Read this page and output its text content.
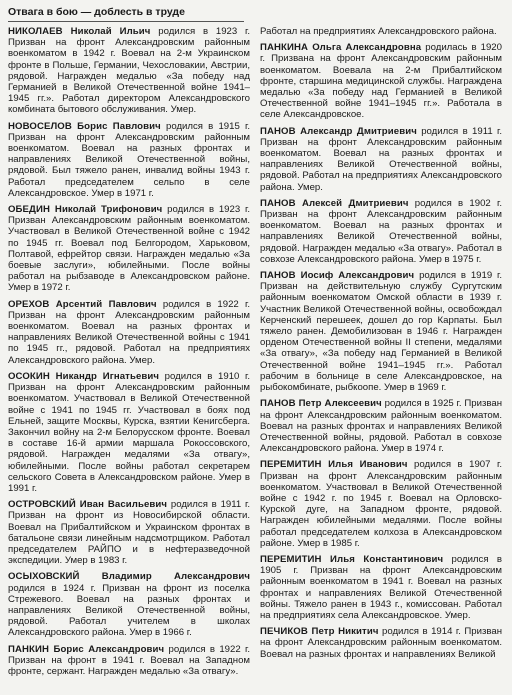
Отвага в бою — доблесть в труде

НИКОЛАЕВ Николай Ильич родился в 1923 г. Призван на фронт Александровским районным военкоматом в 1942 г. Воевал на 2-м Украинском фронте в Польше, Германии, Чехословакии, Австрии, рядовой. Награжден медалью «За победу над Германией в Великой Отечественной войне 1941–1945 гг.». Работал директором Александровского комбината бытового обслуживания. Умер.

НОВОСЕЛОВ Борис Павлович родился в 1915 г. Призван на фронт Александровским районным военкоматом. Воевал на разных фронтах и направлениях Великой Отечественной войны, рядовой. Был тяжело ранен, инвалид войны 1943 г. Работал председателем сельпо в селе Александровское. Умер в 1971 г.

ОБЕДИН Николай Трифонович родился в 1923 г. Призван Александровским районным военкоматом. Участвовал в Великой Отечественной войне с 1942 по 1945 гг. Воевал под Белгородом, Харьковом, Полтавой, ефрейтор связи. Награжден медалью «За боевые заслуги», юбилейными. После войны работал на рыбзаводе в Александровском районе. Умер в 1972 г.

ОРЕХОВ Арсентий Павлович родился в 1922 г. Призван на фронт Александровским районным военкоматом. Воевал на разных фронтах и направлениях Великой Отечественной войны с 1941 по 1945 гг., рядовой. Работал на предприятиях Александровского района. Умер.

ОСОКИН Никандр Игнатьевич родился в 1910 г. Призван на фронт Александровским районным военкоматом. Участвовал в Великой Отечественной войне с 1941 по 1945 гг. Участвовал в боях под Ельней, защите Москвы, Курска, взятии Кенигсберга. Закончил войну на 2-м Белорусском фронте. Воевал в составе 16-й армии маршала Рокоссовского, рядовой. Награжден медалями «За отвагу», юбилейными. После войны работал секретарем сельского Совета в Александровском районе. Умер в 1991 г.

ОСТРОВСКИЙ Иван Васильевич родился в 1911 г. Призван на фронт из Новосибирской области. Воевал на Прибалтийском и Украинском фронтах в батальоне связи линейным надсмотрщиком. Работал председателем РАЙПО и в нефтеразведочной экспедиции. Умер в 1983 г.

ОСЫХОВСКИЙ Владимир Александрович родился в 1924 г. Призван на фронт из поселка Стрежевого. Воевал на разных фронтах и направлениях Великой Отечественной войны, рядовой. Работал учителем в школах Александровского района. Умер в 1966 г.

ПАНКИН Борис Александрович родился в 1922 г. Призван на фронт в 1941 г. Воевал на Западном фронте, сержант. Награжден медалью «За отвагу».

Работал на предприятиях Александровского района.

ПАНКИНА Ольга Александровна родилась в 1920 г. Призвана на фронт Александровским районным военкоматом. Воевала на 2-м Прибалтийском фронте, старшина медицинской службы. Награждена медалью «За победу над Германией в Великой Отечественной войне 1941–1945 гг.». Работала в селе Александровское.

ПАНОВ Александр Дмитриевич родился в 1911 г. Призван на фронт Александровским районным военкоматом. Воевал на разных фронтах и направлениях Великой Отечественной войны, рядовой. Работал на предприятиях Александровского района. Умер.

ПАНОВ Алексей Дмитриевич родился в 1902 г. Призван на фронт Александровским районным военкоматом. Воевал на разных фронтах и направлениях Великой Отечественной войны, рядовой. Награжден медалью «За отвагу». Работал в совхозе Александровского района. Умер в 1975 г.

ПАНОВ Иосиф Александрович родился в 1919 г. Призван на действительную службу Сургутским районным военкоматом Омской области в 1939 г. Участник Великой Отечественной войны, освобождал Керченский перешеек, дошел до гор Карпаты. Был тяжело ранен. Демобилизован в 1946 г. Награжден орденом Отечественной войны II степени, медалями «За отвагу», «За победу над Германией в Великой Отечественной войне 1941–1945 гг.». Работал рабочим в больнице в селе Александровское, на рыбокомбинате, рыбкоопе. Умер в 1969 г.

ПАНОВ Петр Алексеевич родился в 1925 г. Призван на фронт Александровским районным военкоматом. Воевал на разных фронтах и направлениях Великой Отечественной войны, рядовой. Работал в совхозе Александровского района. Умер в 1974 г.

ПЕРЕМИТИН Илья Иванович родился в 1907 г. Призван на фронт Александровским районным военкоматом. Участвовал в Великой Отечественной войне с 1942 г. по 1945 г. Воевал на Орловско-Курской дуге, на Западном фронте, рядовой. Награжден юбилейными медалями. После войны работал председателем колхоза в Александровском районе. Умер в 1985 г.

ПЕРЕМИТИН Илья Константинович родился в 1905 г. Призван на фронт Александровским районным военкоматом в 1941 г. Воевал на разных фронтах и направлениях Великой Отечественной войны. Тяжело ранен в 1943 г., комиссован. Работал на предприятиях села Александровское. Умер.

ПЕЧИКОВ Петр Никитич родился в 1914 г. Призван на фронт Александровским районным военкоматом. Воевал на разных фронтах и направлениях Великой
